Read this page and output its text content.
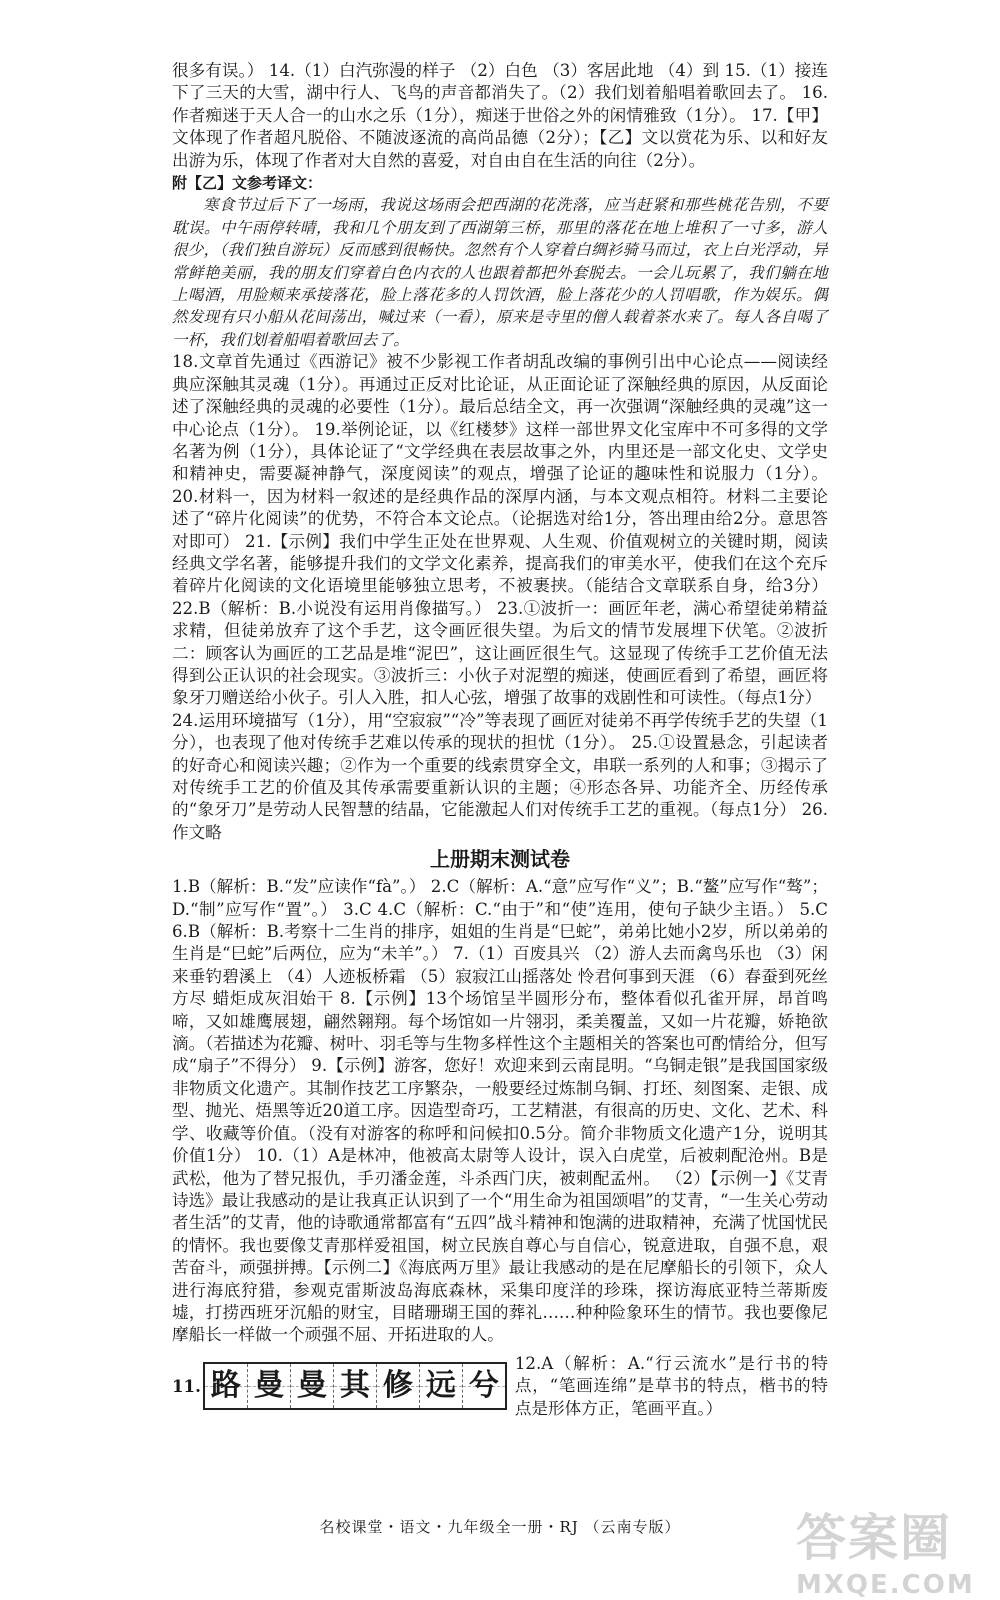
很多有误。） 14.（1）白汽弥漫的样子 （2）白色 （3）客居此地 （4）到 15.（1）接连下了三天的大雪，湖中行人、飞鸟的声音都消失了。（2）我们划着船唱着歌回去了。 16.作者痴迷于天人合一的山水之乐（1分），痴迷于世俗之外的闲情雅致（1分）。 17.【甲】文体现了作者超凡脱俗、不随波逐流的高尚品德（2分）；【乙】文以赏花为乐、以和好友出游为乐，体现了作者对大自然的喜爱，对自由自在生活的向往（2分）。

附【乙】文参考译文：

寒食节过后下了一场雨，我说这场雨会把西湖的花洗落，应当赶紧和那些桃花告别，不要耽误。中午雨停转晴，我和几个朋友到了西湖第三桥，那里的落花在地上堆积了一寸多，游人很少，（我们独自游玩）反而感到很畅快。忽然有个人穿着白绸衫骑马而过，衣上白光浮动，异常鲜艳美丽，我的朋友们穿着白色内衣的人也跟着都把外套脱去。一会儿玩累了，我们躺在地上喝酒，用脸颊来承接落花，脸上落花多的人罚饮酒，脸上落花少的人罚唱歌，作为娱乐。偶然发现有只小船从花间荡出，喊过来（一看），原来是寺里的僧人载着茶水来了。每人各自喝了一杯，我们划着船唱着歌回去了。

18.文章首先通过《西游记》被不少影视工作者胡乱改编的事例引出中心论点——阅读经典应深触其灵魂（1分）。再通过正反对比论证，从正面论证了深触经典的原因，从反面论述了深触经典的灵魂的必要性（1分）。最后总结全文，再一次强调“深触经典的灵魂”这一中心论点（1分）。 19.举例论证，以《红楼梦》这样一部世界文化宝库中不可多得的文学名著为例（1分），具体论证了“文学经典在表层故事之外，内里还是一部文化史、文学史和精神史，需要凝神静气，深度阅读”的观点，增强了论证的趣味性和说服力（1分）。 20.材料一，因为材料一叙述的是经典作品的深厚内涵，与本文观点相符。材料二主要论述了“碎片化阅读”的优势，不符合本文论点。（论据选对给1分，答出理由给2分。意思答对即可） 21.【示例】我们中学生正处在世界观、人生观、价值观树立的关键时期，阅读经典文学名著，能够提升我们的文学文化素养，提高我们的审美水平，使我们在这个充斥着碎片化阅读的文化语境里能够独立思考，不被裹挟。（能结合文章联系自身，给3分） 22.B（解析：B.小说没有运用肖像描写。） 23.①波折一：画匠年老，满心希望徒弟精益求精，但徒弟放弃了这个手艺，这令画匠很失望。为后文的情节发展埋下伏笔。②波折二：顾客认为画匠的工艺品是堆“泥巴”，这让画匠很生气。这显现了传统手工艺价值无法得到公正认识的社会现实。③波折三：小伙子对泥塑的痴迷，使画匠看到了希望，画匠将象牙刀赠送给小伙子。引人入胜，扣人心弦，增强了故事的戏剧性和可读性。（每点1分）

24.运用环境描写（1分），用“空寂寂”“冷”等表现了画匠对徒弟不再学传统手艺的失望（1分），也表现了他对传统手艺难以传承的现状的担忧（1分）。 25.①设置悬念，引起读者的好奇心和阅读兴趣；②作为一个重要的线索贯穿全文，串联一系列的人和事；③揭示了对传统手工艺的价值及其传承需要重新认识的主题；④形态各异、功能齐全、历经传承的“象牙刀”是劳动人民智慧的结晶，它能激起人们对传统手工艺的重视。（每点1分） 26.作文略

上册期末测试卷

1.B（解析：B.“发”应读作“fà”。） 2.C（解析：A.“意”应写作“义”；B.“鳌”应写作“骜”；D.“制”应写作“置”。） 3.C 4.C（解析：C.“由于”和“使”连用，使句子缺少主语。） 5.C 6.B（解析：B.考察十二生肖的排序，姐姐的生肖是“巳蛇”，弟弟比她小2岁，所以弟弟的生肖是“巳蛇”后两位，应为“未羊”。） 7.（1）百废具兴 （2）游人去而禽鸟乐也 （3）闲来垂钓碧溪上 （4）人迹板桥霜 （5）寂寂江山摇落处 怜君何事到天涯 （6）春蚕到死丝方尽 蜡炬成灰泪始干 8.【示例】13个场馆呈半圆形分布，整体看似孔雀开屏，昂首鸣啼，又如雄鹰展翅，翩然翱翔。每个场馆如一片翎羽，柔美覆盖，又如一片花瓣，娇艳欲滴。（若描述为花瓣、树叶、羽毛等与生物多样性这个主题相关的答案也可酌情给分，但写成“扇子”不得分） 9.【示例】游客，您好！欢迎来到云南昆明。“乌铜走银”是我国国家级非物质文化遗产。其制作技艺工序繁杂，一般要经过炼制乌铜、打坯、刻图案、走银、成型、抛光、焐黑等近20道工序。因造型奇巧，工艺精湛，有很高的历史、文化、艺术、科学、收藏等价值。（没有对游客的称呼和问候扣0.5分。简介非物质文化遗产1分，说明其价值1分） 10.（1）A是林冲，他被高太尉等人设计，误入白虎堂，后被刺配沧州。B是武松，他为了替兄报仇，手刃潘金莲，斗杀西门庆，被刺配孟州。 （2）【示例一】《艾青诗选》最让我感动的是让我真正认识到了一个“用生命为祖国颂唱”的艾青，“一生关心劳动者生活”的艾青，他的诗歌通常都富有“五四”战斗精神和饱满的进取精神，充满了忧国忧民的情怀。我也要像艾青那样爱祖国，树立民族自尊心与自信心，锐意进取，自强不息，艰苦奋斗，顽强拼搏。【示例二】《海底两万里》最让我感动的是在尼摩船长的引领下，众人进行海底狩猎，参观克雷斯波岛海底森林，采集印度洋的珍珠，探访海底亚特兰蒂斯废墟，打捞西班牙沉船的财宝，目睹珊瑚王国的葬礼……种种险象环生的情节。我也要像尼摩船长一样做一个顽强不屈、开拓进取的人。

11. 路 曼 曼 其 修 远 兮
12.A（解析：A.“行云流水”是行书的特点，“笔画连绵”是草书的特点，楷书的特点是形体方正，笔画平直。）
名校课堂・语文・九年级全一册・RJ （云南专版）	答案圈
MXQE.COM
